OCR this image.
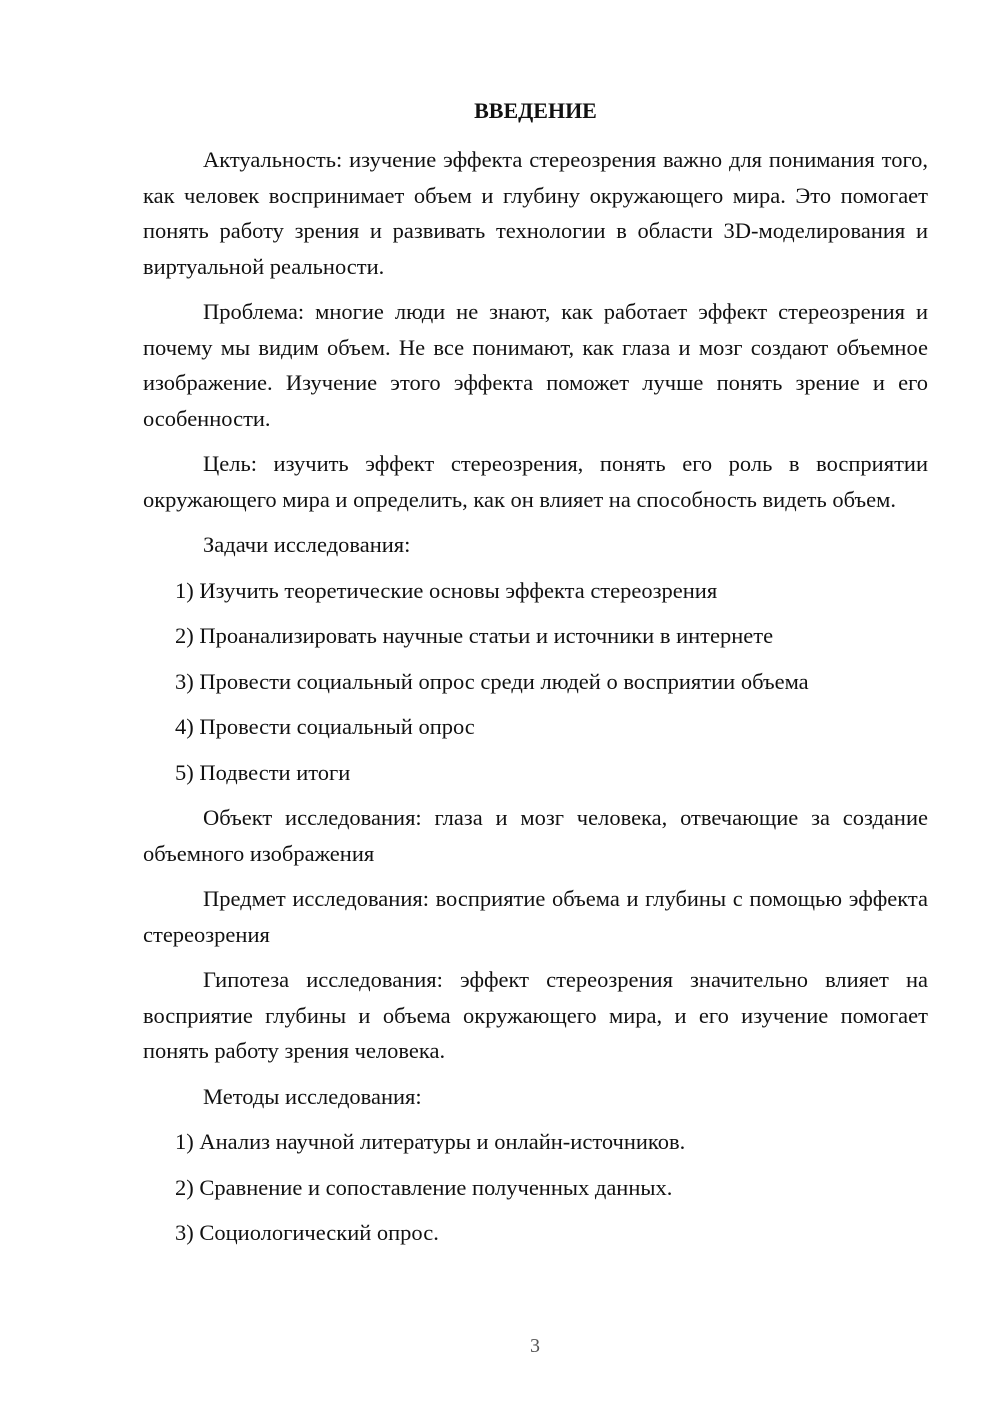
ВВЕДЕНИЕ

Актуальность: изучение эффекта стереозрения важно для понимания того, как человек воспринимает объем и глубину окружающего мира. Это помогает понять работу зрения и развивать технологии в области 3D-моделирования и виртуальной реальности.

Проблема: многие люди не знают, как работает эффект стереозрения и почему мы видим объем. Не все понимают, как глаза и мозг создают объемное изображение. Изучение этого эффекта поможет лучше понять зрение и его особенности.

Цель: изучить эффект стереозрения, понять его роль в восприятии окружающего мира и определить, как он влияет на способность видеть объем.

Задачи исследования:

1) Изучить теоретические основы эффекта стереозрения

2) Проанализировать научные статьи и источники в интернете

3) Провести социальный опрос среди людей о восприятии объема

4) Провести социальный опрос

5) Подвести итоги

Объект исследования: глаза и мозг человека, отвечающие за создание объемного изображения

Предмет исследования: восприятие объема и глубины с помощью эффекта стереозрения

Гипотеза исследования: эффект стереозрения значительно влияет на восприятие глубины и объема окружающего мира, и его изучение помогает понять работу зрения человека.

Методы исследования:

1) Анализ научной литературы и онлайн-источников.

2) Сравнение и сопоставление полученных данных.

3) Социологический опрос.

3
